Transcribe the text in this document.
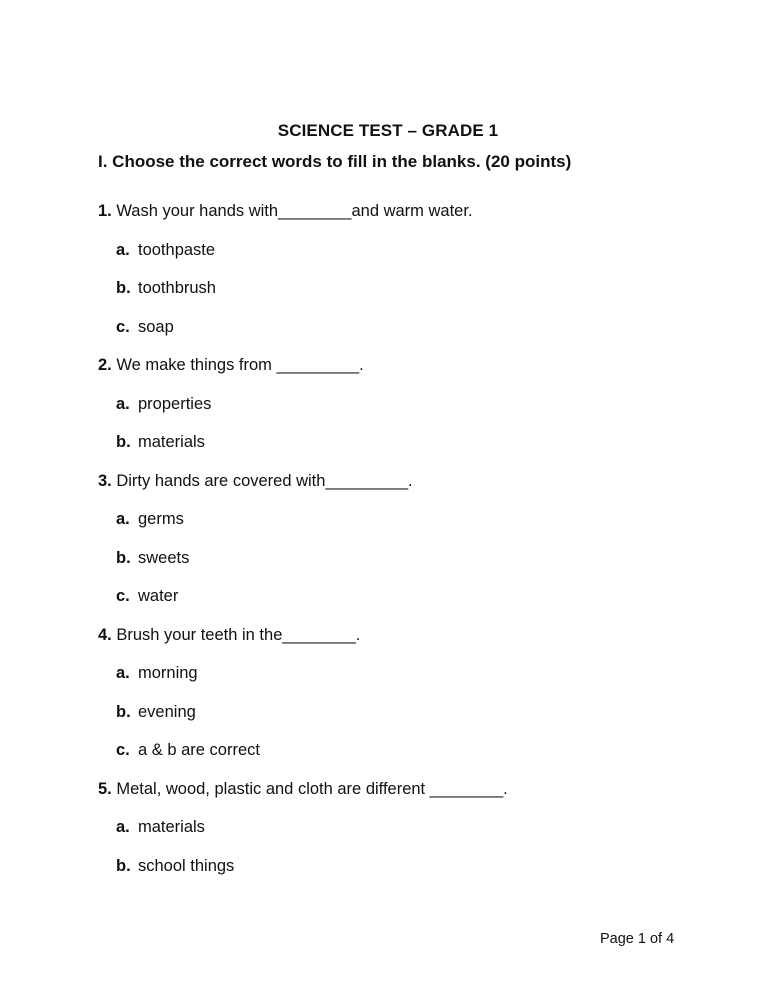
SCIENCE TEST – GRADE 1
I. Choose the correct words to fill in the blanks. (20 points)
1. Wash your hands with________and warm water.
a. toothpaste
b. toothbrush
c. soap
2. We make things from _________.
a. properties
b. materials
3. Dirty hands are covered with_________.
a. germs
b. sweets
c. water
4. Brush your teeth in the________.
a. morning
b. evening
c. a & b are correct
5. Metal, wood, plastic and cloth are different ________.
a. materials
b. school things
Page 1 of 4
